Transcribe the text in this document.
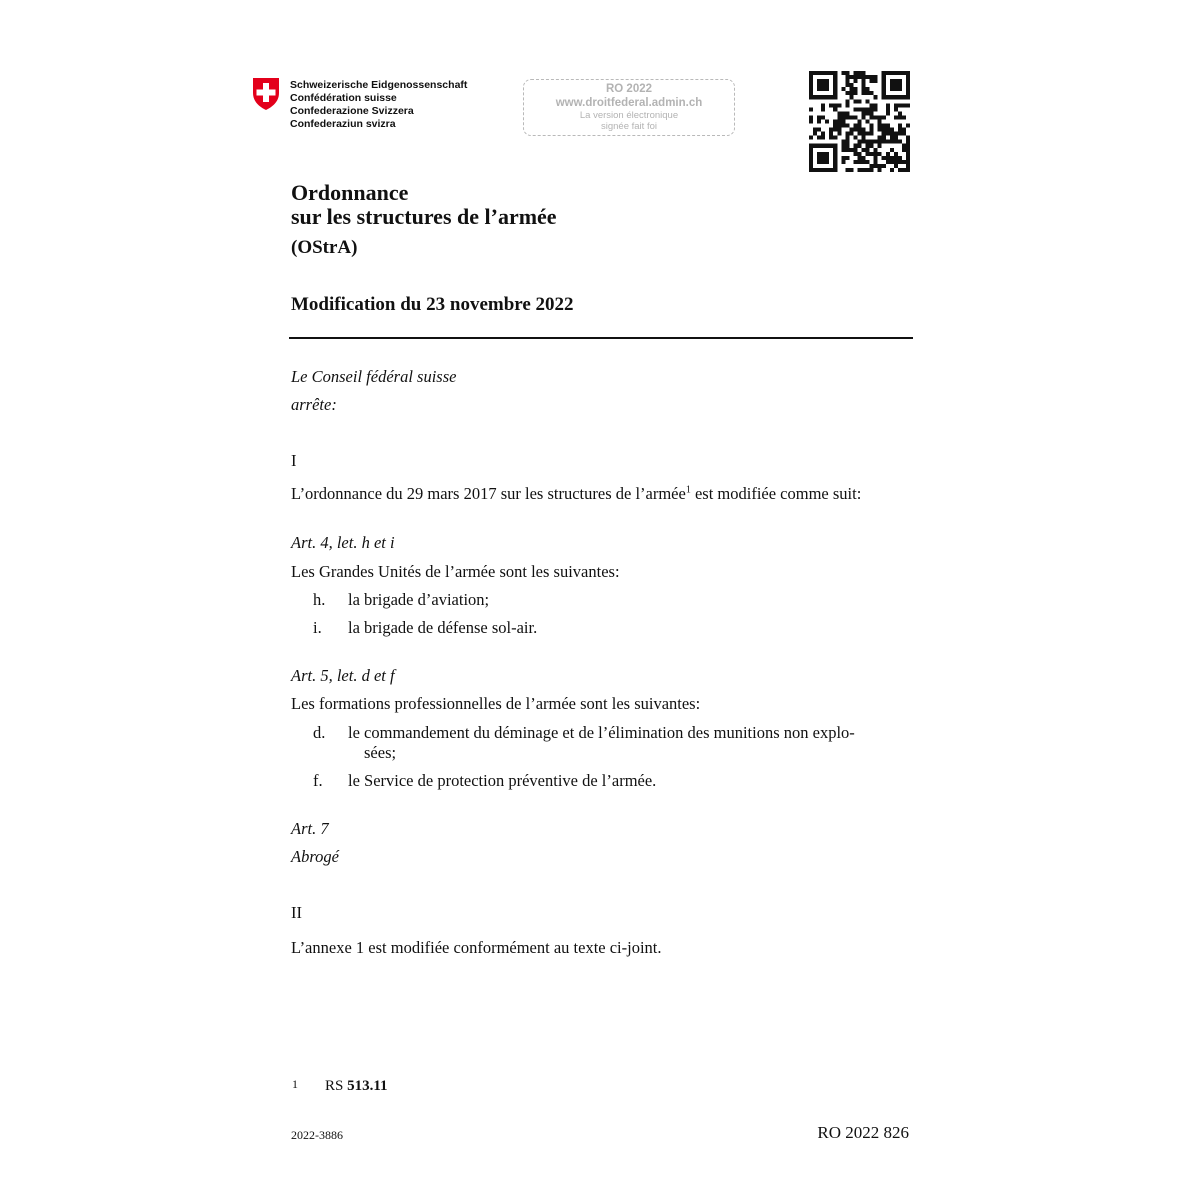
Schweizerische Eidgenossenschaft
Confédération suisse
Confederazione Svizzera
Confederaziun svizra
RO 2022
www.droitfederal.admin.ch
La version électronique
signée fait foi
Ordonnance
sur les structures de l’armée
(OStrA)
Modification du 23 novembre 2022
Le Conseil fédéral suisse
arrête:
I
L’ordonnance du 29 mars 2017 sur les structures de l’armée$^1$ est modifiée comme suit:
Art. 4, let. h et i
Les Grandes Unités de l’armée sont les suivantes:
h. la brigade d’aviation;
i. la brigade de défense sol-air.
Art. 5, let. d et f
Les formations professionnelles de l’armée sont les suivantes:
d. le commandement du déminage et de l’élimination des munitions non explo-
sées;
f. le Service de protection préventive de l’armée.
Art. 7
Abrogé
II
L’annexe 1 est modifiée conformément au texte ci-joint.
1 RS 513.11
2022-3886	RO 2022 826
